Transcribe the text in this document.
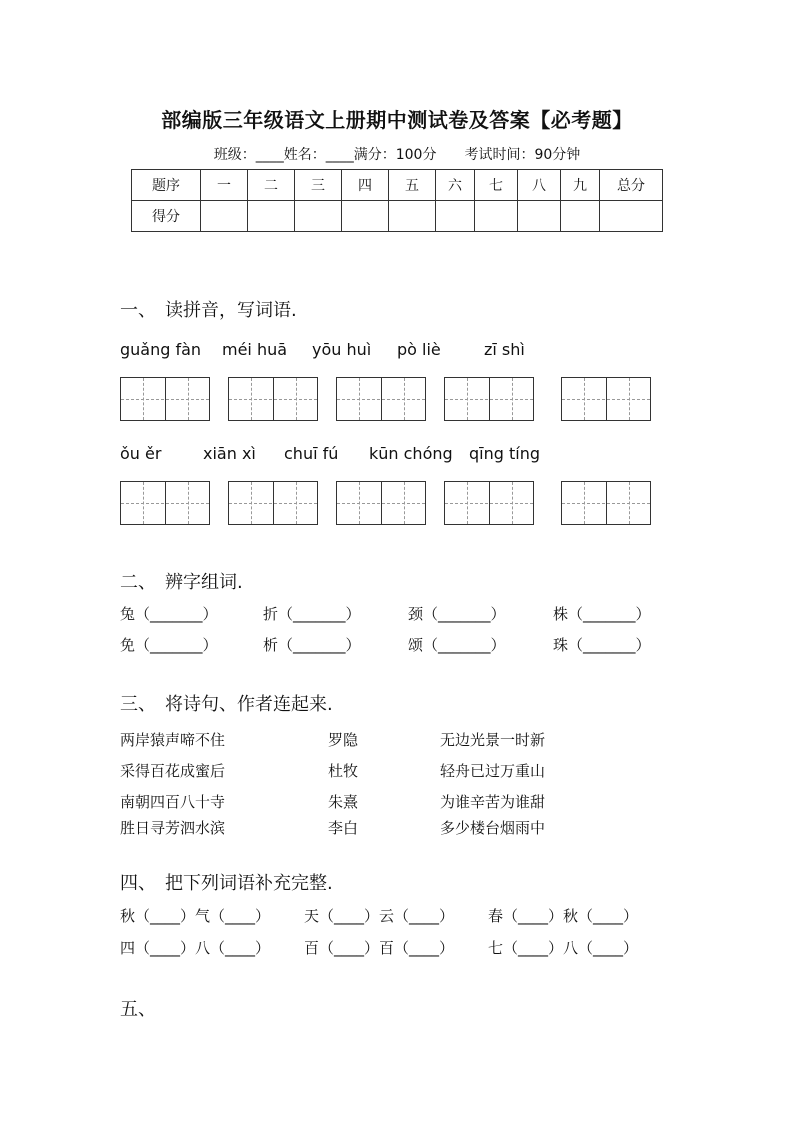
部编版三年级语文上册期中测试卷及答案【必考题】
班级：____姓名：____满分：100分　　考试时间：90分钟
题序	一	二	三	四	五	六	七	八	九	总分
得分										
一、　读拼音，写词语.
guǎng fàn méi huā yōu huì pò liè	zī shì
ǒu ěr	xiān xì chuī fú kūn chóng qīng tíng
二、　辨字组词.
兔（_______）	折（_______）	颈（_______）	株（_______）
免（_______）	析（_______）	颂（_______）	珠（_______）
三、　将诗句、作者连起来.
两岸猿声啼不住	罗隐	无边光景一时新
采得百花成蜜后	杜牧	轻舟已过万重山
南朝四百八十寺	朱熹	为谁辛苦为谁甜
胜日寻芳泗水滨	李白	多少楼台烟雨中
四、　把下列词语补充完整.
秋（____）气（____） 天（____）云（____） 春（____）秋（____）
四（____）八（____） 百（____）百（____） 七（____）八（____）
五、
